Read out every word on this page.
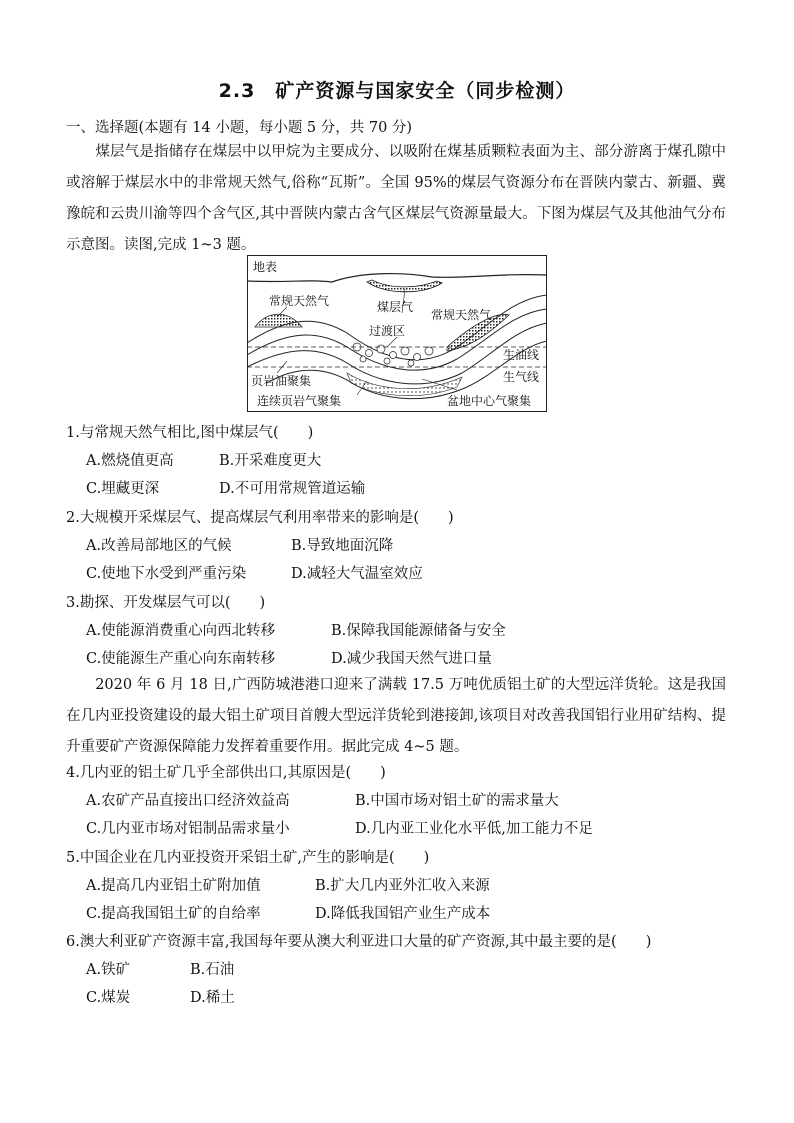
2.3　矿产资源与国家安全（同步检测）
一、选择题(本题有 14 小题，每小题 5 分，共 70 分)
　　煤层气是指储存在煤层中以甲烷为主要成分、以吸附在煤基质颗粒表面为主、部分游离于煤孔隙中或溶解于煤层水中的非常规天然气,俗称“瓦斯”。全国 95%的煤层气资源分布在晋陕内蒙古、新疆、冀豫皖和云贵川渝等四个含气区,其中晋陕内蒙古含气区煤层气资源量最大。下图为煤层气及其他油气分布示意图。读图,完成 1~3 题。
地表
常规天然气	煤层气
常规天然气
过渡区
生油线
生气线
页岩油聚集
连续页岩气聚集	盆地中心气聚集
1.与常规天然气相比,图中煤层气(　　)
A.燃烧值更高	B.开采难度更大
C.埋藏更深	D.不可用常规管道运输
2.大规模开采煤层气、提高煤层气利用率带来的影响是(　　)
A.改善局部地区的气候	B.导致地面沉降
C.使地下水受到严重污染	D.减轻大气温室效应
3.勘探、开发煤层气可以(　　)
A.使能源消费重心向西北转移	B.保障我国能源储备与安全
C.使能源生产重心向东南转移	D.减少我国天然气进口量
　　2020 年 6 月 18 日,广西防城港港口迎来了满载 17.5 万吨优质铝土矿的大型远洋货轮。这是我国在几内亚投资建设的最大铝土矿项目首艘大型远洋货轮到港接卸,该项目对改善我国铝行业用矿结构、提升重要矿产资源保障能力发挥着重要作用。据此完成 4~5 题。
4.几内亚的铝土矿几乎全部供出口,其原因是(　　)
A.农矿产品直接出口经济效益高	B.中国市场对铝土矿的需求量大
C.几内亚市场对铝制品需求量小	D.几内亚工业化水平低,加工能力不足
5.中国企业在几内亚投资开采铝土矿,产生的影响是(　　)
A.提高几内亚铝土矿附加值	B.扩大几内亚外汇收入来源
C.提高我国铝土矿的自给率	D.降低我国铝产业生产成本
6.澳大利亚矿产资源丰富,我国每年要从澳大利亚进口大量的矿产资源,其中最主要的是(　　)
A.铁矿	B.石油
C.煤炭	D.稀土
